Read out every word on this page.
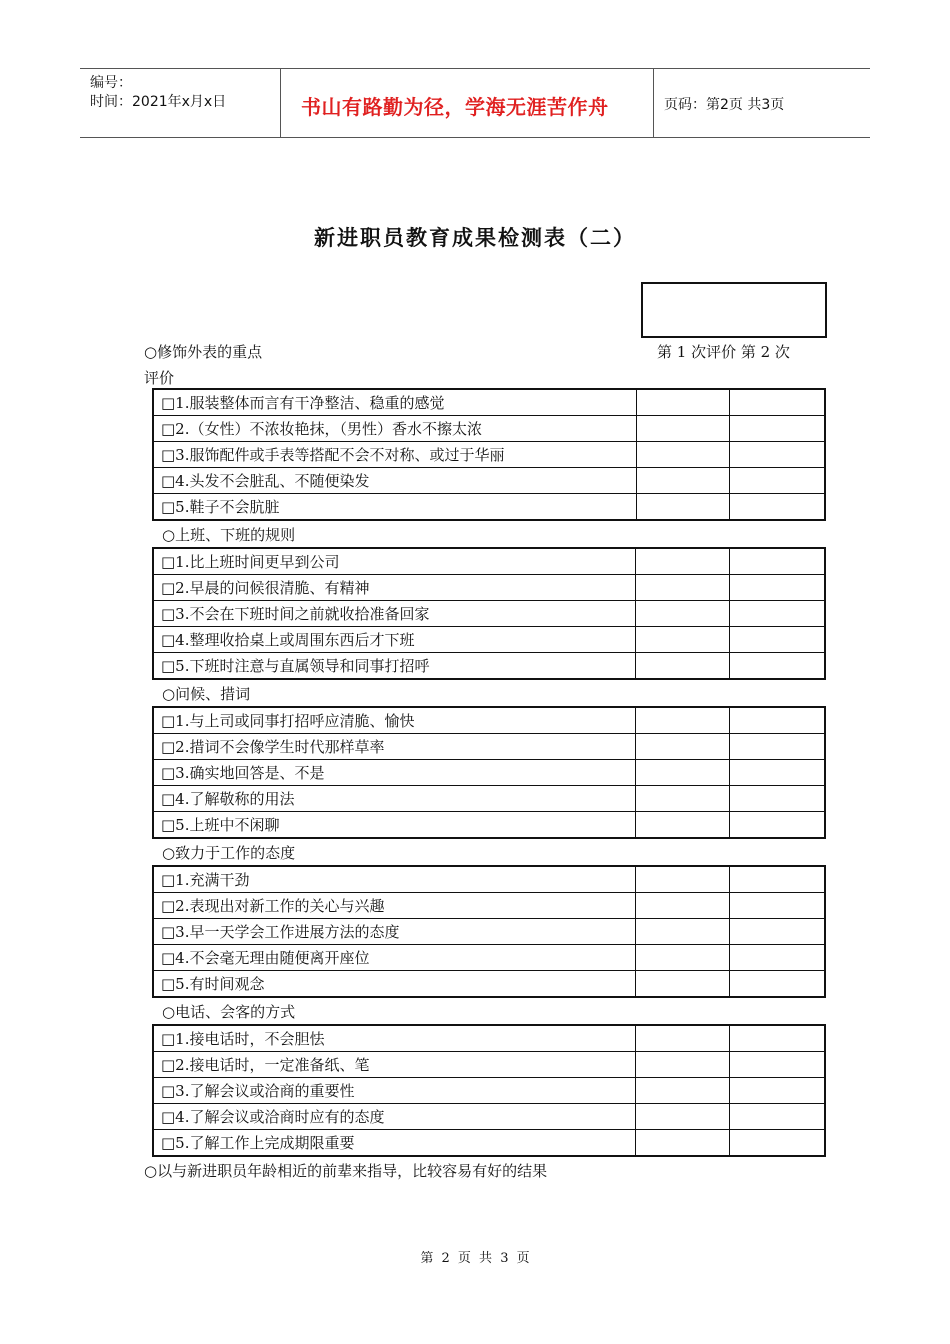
编号：
时间：2021年x月x日	书山有路勤为径，学海无涯苦作舟	页码：第2页 共3页
新进职员教育成果检测表（二）
○修饰外表的重点	第 1 次评价 第 2 次
评价
□1.服装整体而言有干净整洁、稳重的感觉		
□2.（女性）不浓妆艳抹，（男性）香水不擦太浓		
□3.服饰配件或手表等搭配不会不对称、或过于华丽		
□4.头发不会脏乱、不随便染发		
□5.鞋子不会肮脏		
○上班、下班的规则
□1.比上班时间更早到公司		
□2.早晨的问候很清脆、有精神		
□3.不会在下班时间之前就收拾准备回家		
□4.整理收拾桌上或周围东西后才下班		
□5.下班时注意与直属领导和同事打招呼		
○问候、措词
□1.与上司或同事打招呼应清脆、愉快		
□2.措词不会像学生时代那样草率		
□3.确实地回答是、不是		
□4.了解敬称的用法		
□5.上班中不闲聊		
○致力于工作的态度
□1.充满干劲		
□2.表现出对新工作的关心与兴趣		
□3.早一天学会工作进展方法的态度		
□4.不会毫无理由随便离开座位		
□5.有时间观念		
○电话、会客的方式
□1.接电话时，不会胆怯		
□2.接电话时，一定准备纸、笔		
□3.了解会议或洽商的重要性		
□4.了解会议或洽商时应有的态度		
□5.了解工作上完成期限重要		
○以与新进职员年龄相近的前辈来指导，比较容易有好的结果
第 2 页 共 3 页
